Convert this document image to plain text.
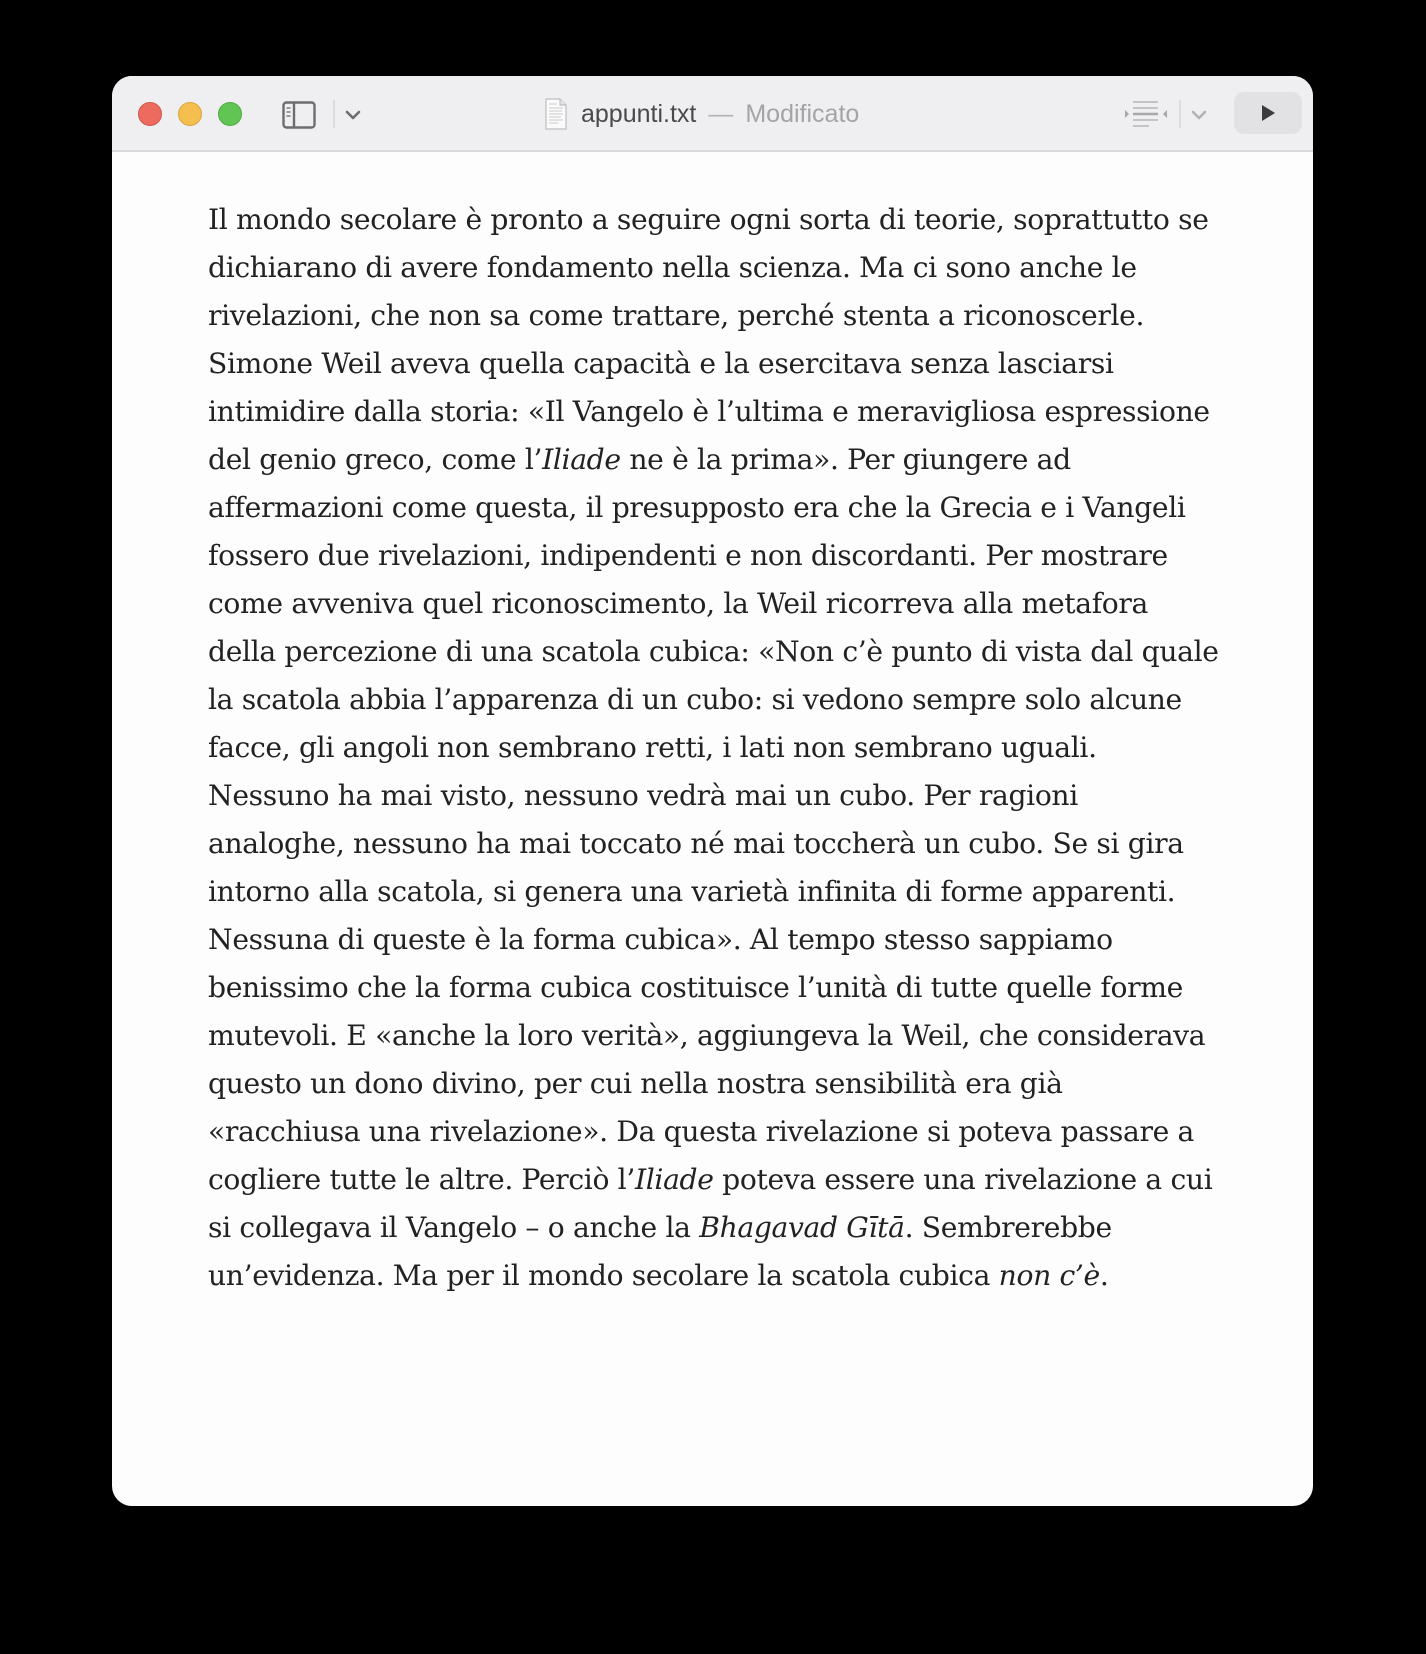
appunti.txt — Modificato
Il mondo secolare è pronto a seguire ogni sorta di teorie, soprattutto se
dichiarano di avere fondamento nella scienza. Ma ci sono anche le
rivelazioni, che non sa come trattare, perché stenta a riconoscerle.
Simone Weil aveva quella capacità e la esercitava senza lasciarsi
intimidire dalla storia: «Il Vangelo è l’ultima e meravigliosa espressione
del genio greco, come l’Iliade ne è la prima». Per giungere ad
affermazioni come questa, il presupposto era che la Grecia e i Vangeli
fossero due rivelazioni, indipendenti e non discordanti. Per mostrare
come avveniva quel riconoscimento, la Weil ricorreva alla metafora
della percezione di una scatola cubica: «Non c’è punto di vista dal quale
la scatola abbia l’apparenza di un cubo: si vedono sempre solo alcune
facce, gli angoli non sembrano retti, i lati non sembrano uguali.
Nessuno ha mai visto, nessuno vedrà mai un cubo. Per ragioni
analoghe, nessuno ha mai toccato né mai toccherà un cubo. Se si gira
intorno alla scatola, si genera una varietà infinita di forme apparenti.
Nessuna di queste è la forma cubica». Al tempo stesso sappiamo
benissimo che la forma cubica costituisce l’unità di tutte quelle forme
mutevoli. E «anche la loro verità», aggiungeva la Weil, che considerava
questo un dono divino, per cui nella nostra sensibilità era già
«racchiusa una rivelazione». Da questa rivelazione si poteva passare a
cogliere tutte le altre. Perciò l’Iliade poteva essere una rivelazione a cui
si collegava il Vangelo – o anche la Bhagavad Gītā. Sembrerebbe
un’evidenza. Ma per il mondo secolare la scatola cubica non c’è.
